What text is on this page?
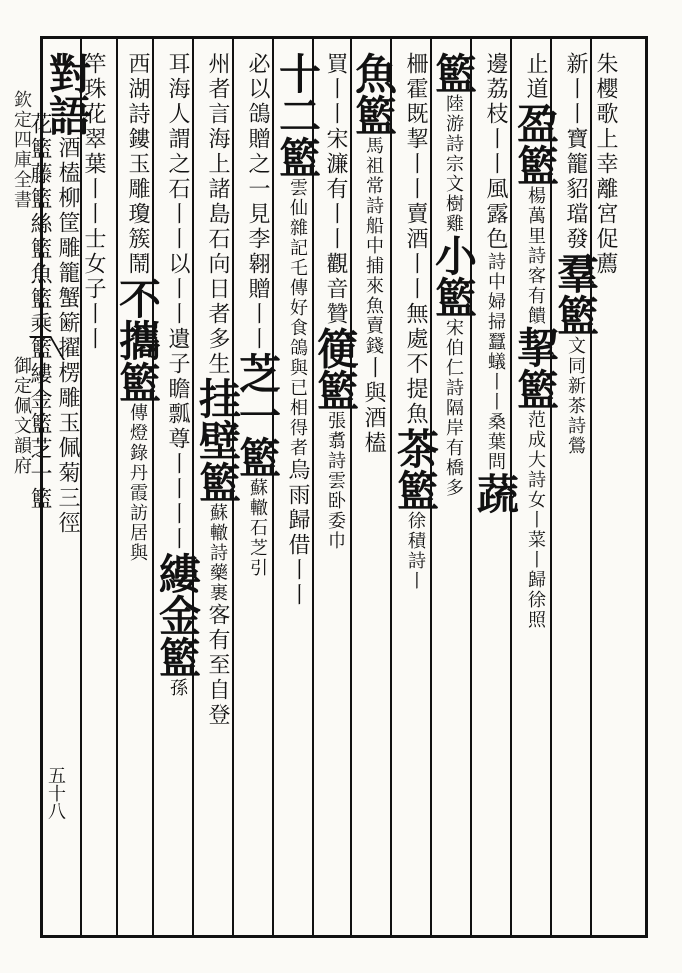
欽定四庫全書
御定佩文韻府
五十八
朱櫻歌上幸離宮促薦
新丨丨寶籠貂璫發羣籃文同新茶詩鶯
止道盈籃楊萬里詩客有饋挈籃范成大詩女丨菜丨歸徐照
邊荔枝丨丨風露色詩中婦掃蠶蟻丨丨桑葉問蔬
籃陸游詩宗文樹雞小籃宋伯仁詩隔岸有橋多
柵霍既挈丨丨賣酒丨丨無處不提魚茶籃徐積詩丨
魚籃馬祖常詩船中捕來魚賣錢丨與酒榼
買丨丨宋濂有丨丨觀音贊箯籃張翥詩雲卧委巾
十二籃雲仙雜記乇傳好食鴿與已相得者烏雨歸借丨丨
必以鴿贈之一見李翱贈丨丨芝一籃蘇轍石芝引
州者言海上諸島石向日者多生挂壁籃蘇轍詩藥裹客有至自登
耳海人謂之石丨丨以丨丨遺子瞻瓢尊丨丨丨丨縷金籃孫
西湖詩鏤玉雕瓊簇鬧不攜籃傳燈錄丹霞訪居與
竿珠花翠葉丨丨士女子丨丨
對語酒榼柳筐雕籠蟹簖擢楞雕玉佩菊三徑
花籃藤籃絲籃魚籃乘籃縷金籃芝一籃
